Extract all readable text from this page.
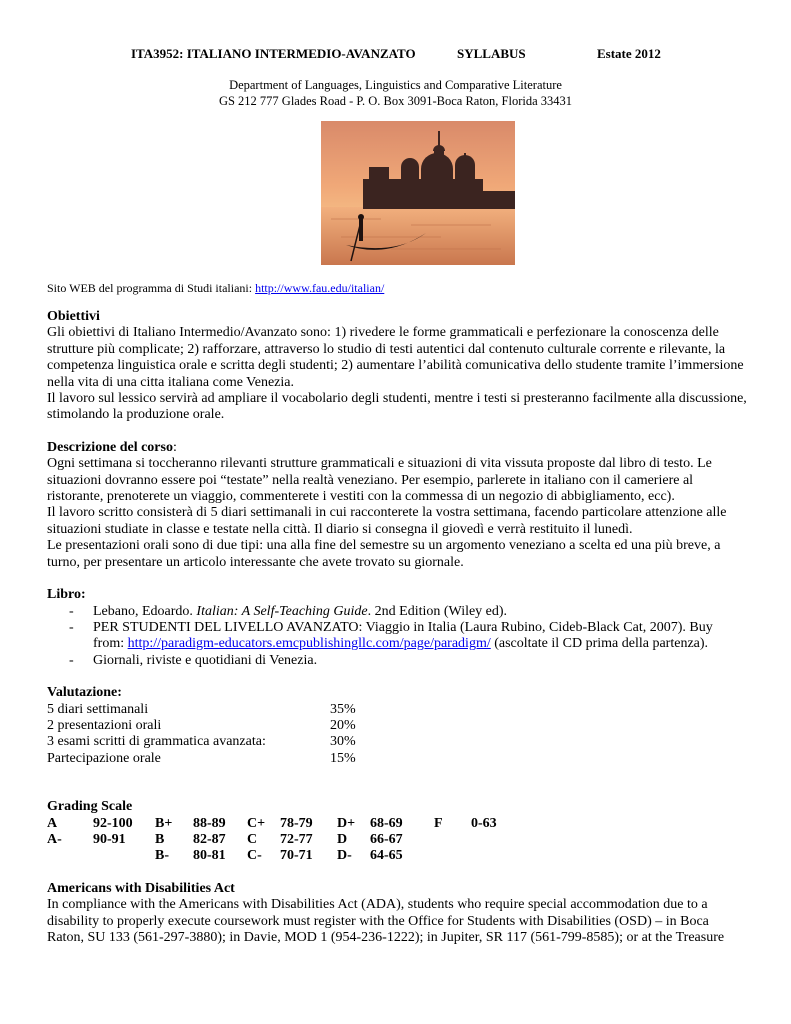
ITA3952: ITALIANO INTERMEDIO-AVANZATO	SYLLABUS	Estate 2012
Department of Languages, Linguistics and Comparative Literature
GS 212 777 Glades Road - P. O. Box 3091-Boca Raton, Florida 33431
Sito WEB del programma di Studi italiani: http://www.fau.edu/italian/
Obiettivi

Gli obiettivi di Italiano Intermedio/Avanzato sono: 1) rivedere le forme grammaticali e perfezionare la conoscenza delle strutture più complicate; 2) rafforzare, attraverso lo studio di testi autentici dal contenuto culturale corrente e rilevante, la competenza linguistica orale e scritta degli studenti; 2) aumentare l’abilità comunicativa dello studente tramite l’immersione nella vita di una citta italiana come Venezia.

Il lavoro sul lessico servirà ad ampliare il vocabolario degli studenti, mentre i testi si presteranno facilmente alla discussione, stimolando la produzione orale.

Descrizione del corso:

Ogni settimana si toccheranno rilevanti strutture grammaticali e situazioni di vita vissuta proposte dal libro di testo. Le situazioni dovranno essere poi “testate” nella realtà veneziano. Per esempio, parlerete in italiano con il cameriere al ristorante, prenoterete un viaggio, commenterete i vestiti con la commessa di un negozio di abbigliamento, ecc).

Il lavoro scritto consisterà di 5 diari settimanali in cui racconterete la vostra settimana, facendo particolare attenzione alle situazioni studiate in classe e testate nella città. Il diario si consegna il giovedì e verrà restituito il lunedì.

Le presentazioni orali sono di due tipi: una alla fine del semestre su un argomento veneziano a scelta ed una più breve, a turno, per presentare un articolo interessante che avete trovato su giornale.

Libro:
- Lebano, Edoardo. Italian: A Self-Teaching Guide. 2nd Edition (Wiley ed).
- PER STUDENTI DEL LIVELLO AVANZATO: Viaggio in Italia (Laura Rubino, Cideb-Black Cat, 2007). Buy from: http://paradigm-educators.emcpublishingllc.com/page/paradigm/ (ascoltate il CD prima della partenza).
- Giornali, riviste e quotidiani di Venezia.
Valutazione:
5 diari settimanali	35%
2 presentazioni orali	20%
3 esami scritti di grammatica avanzata:	30%
Partecipazione orale	15%
Grading Scale
A	92-100	B+	88-89	C+	78-79	D+	68-69	F	0-63
A-	90-91	B	82-87	C	72-77	D	66-67		
		B-	80-81	C-	70-71	D-	64-65		
Americans with Disabilities Act

In compliance with the Americans with Disabilities Act (ADA), students who require special accommodation due to a disability to properly execute coursework must register with the Office for Students with Disabilities (OSD) – in Boca Raton, SU 133 (561-297-3880); in Davie, MOD 1 (954-236-1222); in Jupiter, SR 117 (561-799-8585); or at the Treasure
